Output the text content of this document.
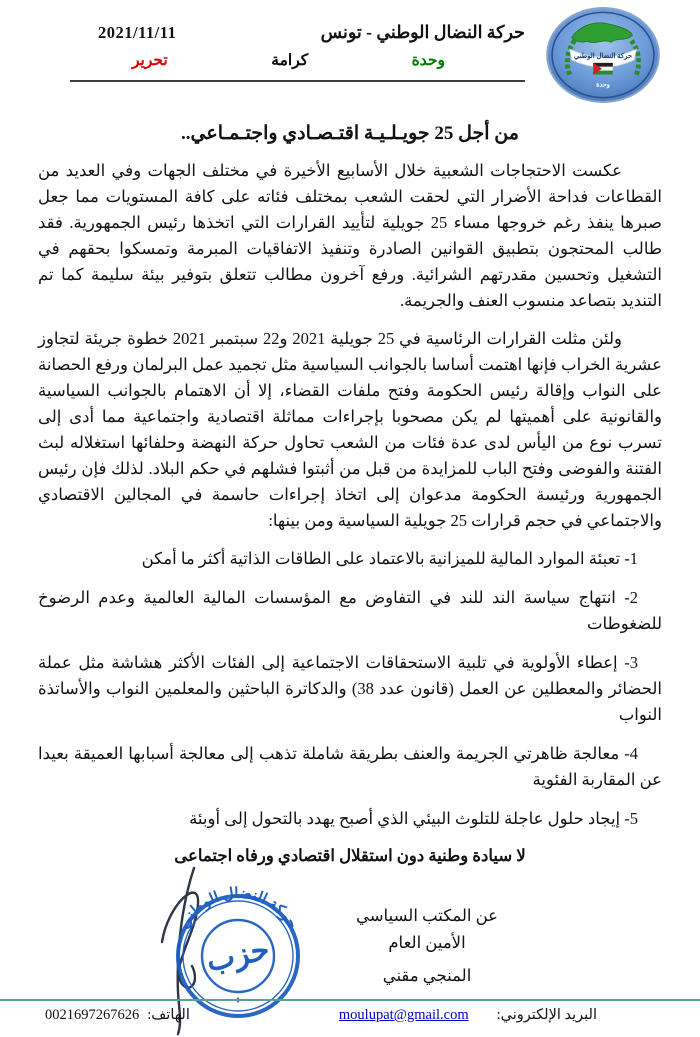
حركة النضال الوطني
وحدة
حركة النضال الوطني - تونس
2021/11/11
وحدة
كرامة
تحرير
من أجل 25 جويـلـيـة اقتـصـادي واجتـمـاعي..

عكست الاحتجاجات الشعبية خلال الأسابيع الأخيرة في مختلف الجهات وفي العديد من القطاعات فداحة الأضرار التي لحقت الشعب بمختلف فئاته على كافة المستويات مما جعل صبرها ينفذ رغم خروجها مساء 25 جويلية لتأييد القرارات التي اتخذها رئيس الجمهورية. فقد طالب المحتجون بتطبيق القوانين الصادرة وتنفيذ الاتفاقيات المبرمة وتمسكوا بحقهم في التشغيل وتحسين مقدرتهم الشرائية. ورفع آخرون مطالب تتعلق بتوفير بيئة سليمة كما تم التنديد بتصاعد منسوب العنف والجريمة.

ولئن مثلت القرارات الرئاسية في 25 جويلية 2021 و22 سبتمبر 2021 خطوة جريئة لتجاوز عشرية الخراب فإنها اهتمت أساسا بالجوانب السياسية مثل تجميد عمل البرلمان ورفع الحصانة على النواب وإقالة رئيس الحكومة وفتح ملفات القضاء، إلا أن الاهتمام بالجوانب السياسية والقانونية على أهميتها لم يكن مصحوبا بإجراءات مماثلة اقتصادية واجتماعية مما أدى إلى تسرب نوع من اليأس لدى عدة فئات من الشعب تحاول حركة النهضة وحلفائها استغلاله لبث الفتنة والفوضى وفتح الباب للمزايدة من قبل من أثبتوا فشلهم في حكم البلاد. لذلك فإن رئيس الجمهورية ورئيسة الحكومة مدعوان إلى اتخاذ إجراءات حاسمة في المجالين الاقتصادي والاجتماعي في حجم قرارات 25 جويلية السياسية ومن بينها:

1- تعبئة الموارد المالية للميزانية بالاعتماد على الطاقات الذاتية أكثر ما أمكن

2- انتهاج سياسة الند للند في التفاوض مع المؤسسات المالية العالمية وعدم الرضوخ للضغوطات

3- إعطاء الأولوية في تلبية الاستحقاقات الاجتماعية إلى الفئات الأكثر هشاشة مثل عملة الحضائر والمعطلين عن العمل (قانون عدد 38) والدكاترة الباحثين والمعلمين النواب والأساتذة النواب

4- معالجة ظاهرتي الجريمة والعنف بطريقة شاملة تذهب إلى معالجة أسبابها العميقة بعيدا عن المقاربة الفئوية

5- إيجاد حلول عاجلة للتلوث البيئي الذي أصبح يهدد بالتحول إلى أوبئة

لا سيادة وطنية دون استقلال اقتصادي ورفاه اجتماعى
عن المكتب السياسي
الأمين العام
المنجي مقني
حركة النضال الوطني
حزب
✦
البريد الإلكتروني:
moulupat@gmail.com
الهاتف:
0021697267626
